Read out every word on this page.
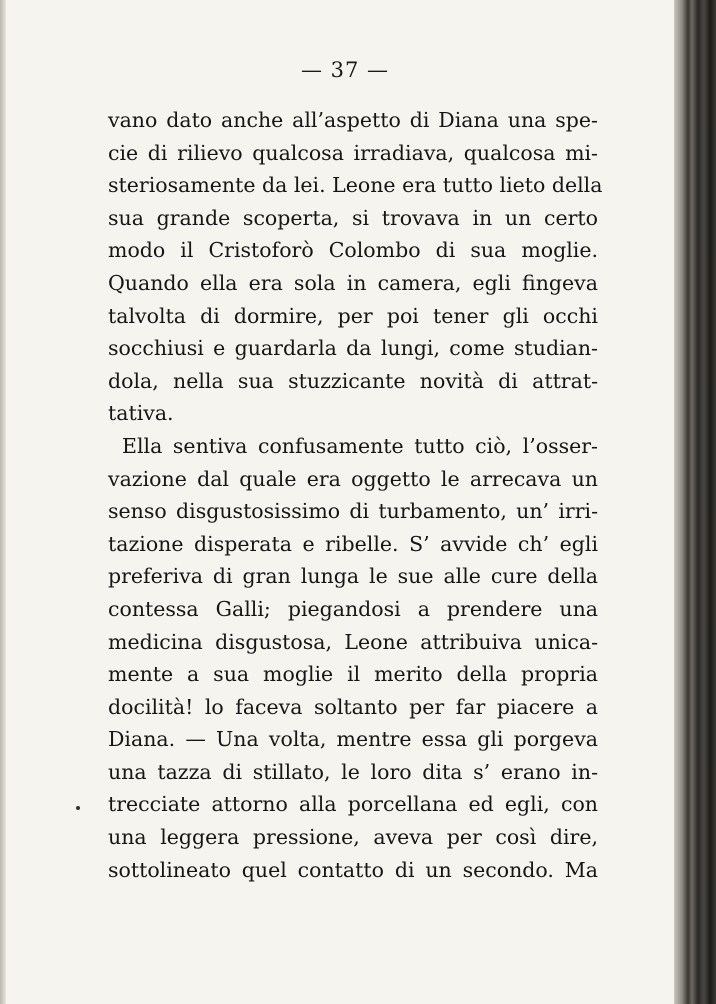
— 37 —
vano dato anche all’aspetto di Diana una spe-
cie di rilievo qualcosa irradiava, qualcosa mi-
steriosamente da lei. Leone era tutto lieto della
sua grande scoperta, si trovava in un certo
modo il Cristoforò Colombo di sua moglie.
Quando ella era sola in camera, egli fingeva
talvolta di dormire, per poi tener gli occhi
socchiusi e guardarla da lungi, come studian-
dola, nella sua stuzzicante novità di attrat-
tativa.
Ella sentiva confusamente tutto ciò, l’osser-
vazione dal quale era oggetto le arrecava un
senso disgustosissimo di turbamento, un’ irri-
tazione disperata e ribelle. S’ avvide ch’ egli
preferiva di gran lunga le sue alle cure della
contessa Galli; piegandosi a prendere una
medicina disgustosa, Leone attribuiva unica-
mente a sua moglie il merito della propria
docilità! lo faceva soltanto per far piacere a
Diana. — Una volta, mentre essa gli porgeva
una tazza di stillato, le loro dita s’ erano in-
trecciate attorno alla porcellana ed egli, con
una leggera pressione, aveva per così dire,
sottolineato quel contatto di un secondo. Ma
